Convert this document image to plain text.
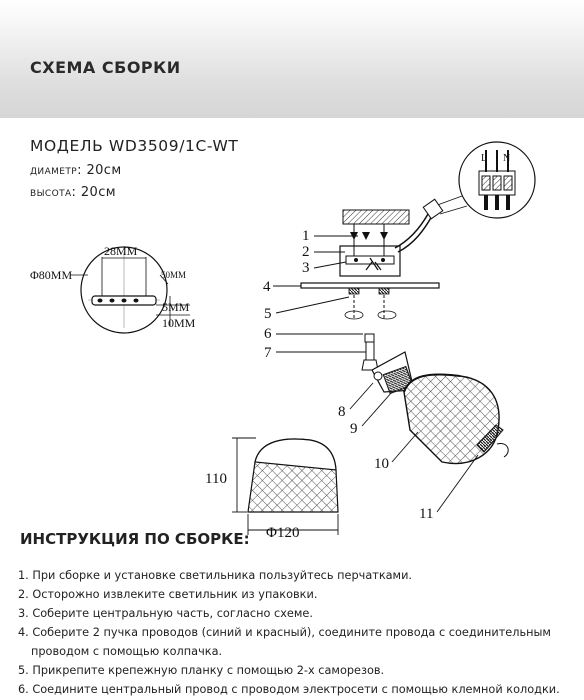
СХЕМА СБОРКИ
МОДЕЛЬ WD3509/1C-WT
диаметр: 20см
высота: 20см
Φ80ММ
28ММ
50ММ
5ММ
10ММ
L N
1
2
3
4
5
6
7
8
9
10
11
110
Φ120
ИНСТРУКЦИЯ ПО СБОРКЕ:
1. При сборке и установке светильника пользуйтесь перчатками.
2. Осторожно извлеките светильник из упаковки.
3. Соберите центральную часть, согласно схеме.
4. Соберите 2 пучка проводов (синий и красный), соедините провода с соединительным проводом с помощью колпачка.
5. Прикрепите крепежную планку с помощью 2-х саморезов.
6. Соедините центральный провод с проводом электросети с помощью клемной колодки.
